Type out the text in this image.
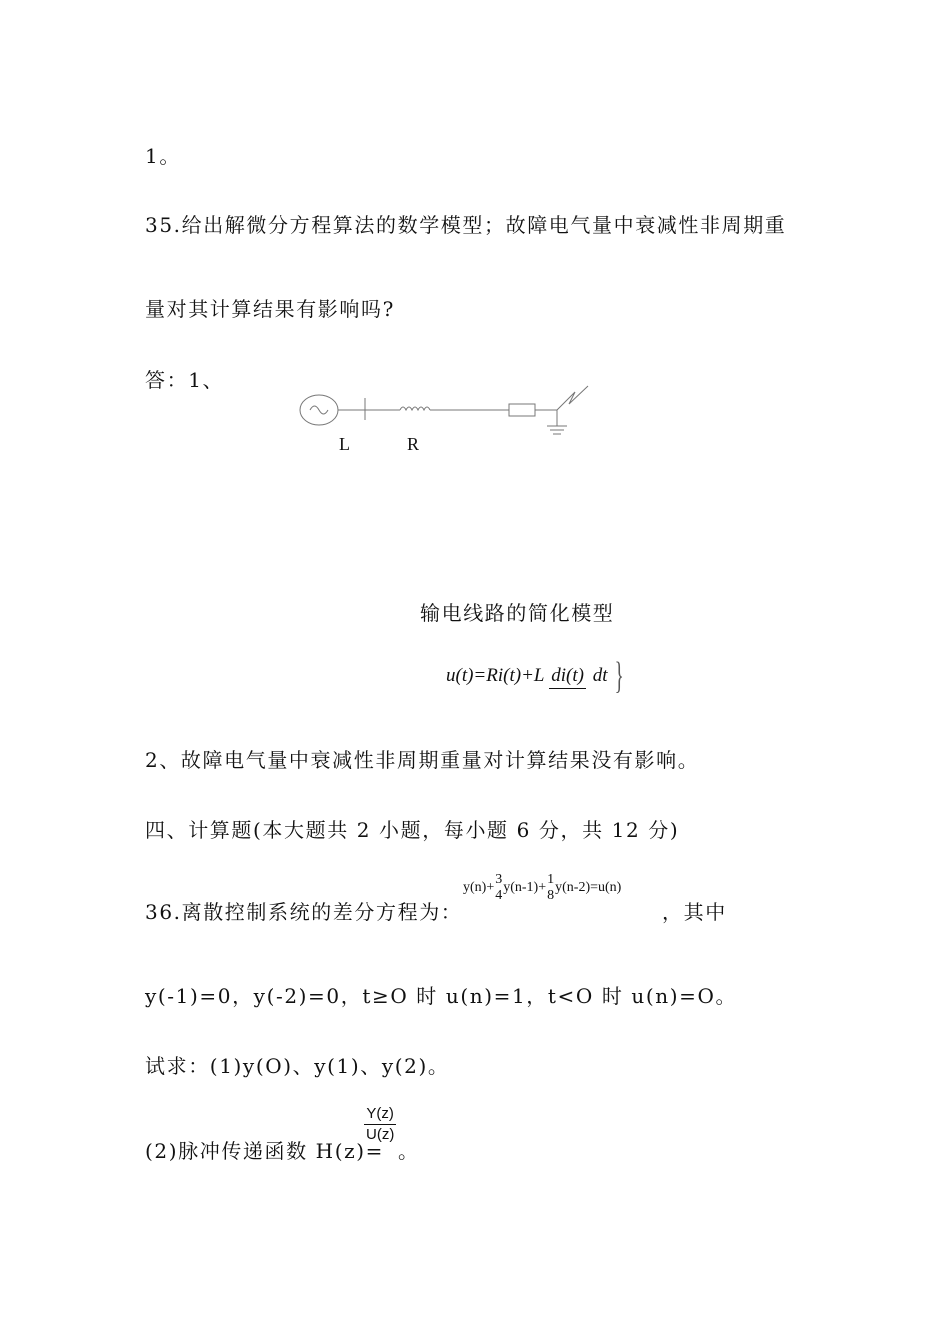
1。
35.给出解微分方程算法的数学模型；故障电气量中衰减性非周期重
量对其计算结果有影响吗?
答：1、
L	R
输电线路的简化模型
u(t)=Ri(t)+L di(t) dt }
2、故障电气量中衰减性非周期重量对计算结果没有影响。
四、计算题(本大题共 2 小题，每小题 6 分，共 12 分)
36.离散控制系统的差分方程为：
y(n)+
3
4
y(n-1)+
1
8
y(n-2)=u(n)
，其中
y(-1)=0，y(-2)=0，t≥O 时 u(n)=1，t<O 时 u(n)=O。
试求：(1)y(O)、y(1)、y(2)。
(2)脉冲传递函数 H(z)=
$\frac{Y(z)}{U(z)}$
。
